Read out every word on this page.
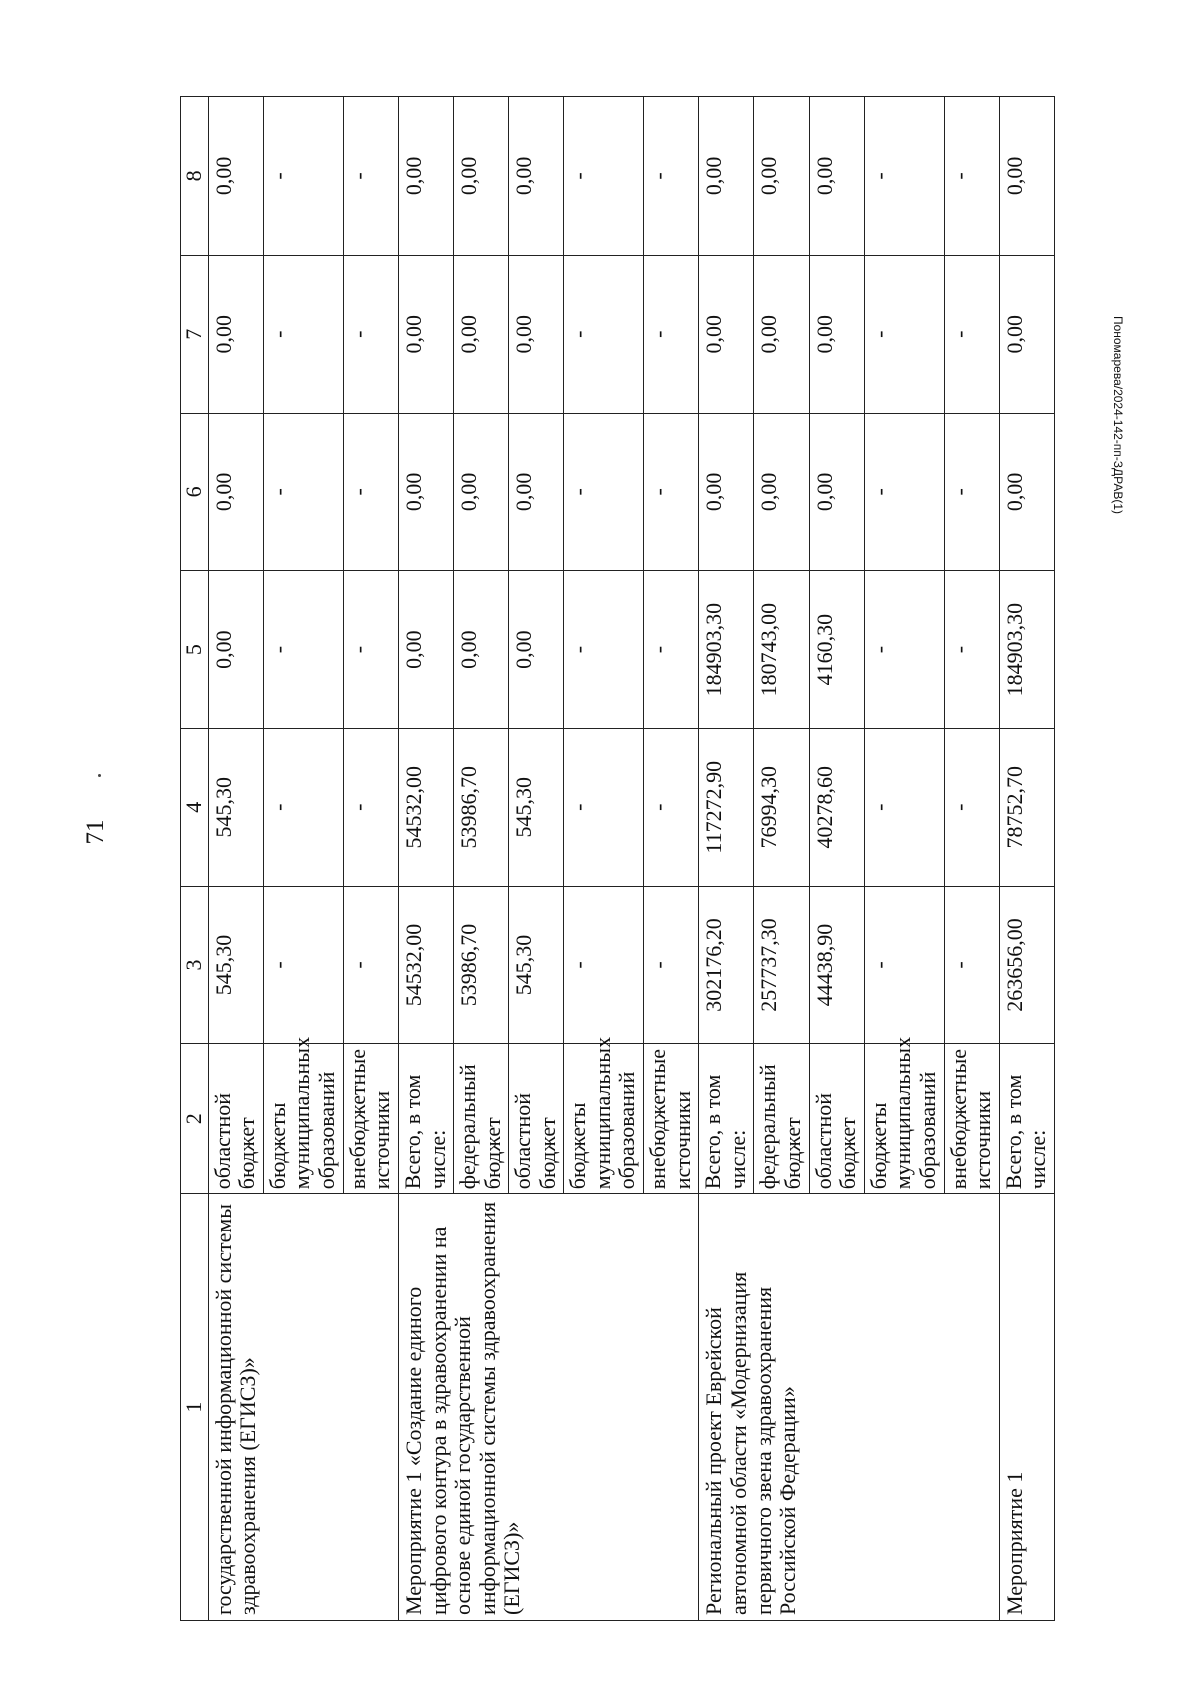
71
Пономарева/2024-142-пп-ЗДРАВ(1)
1	2	3	4	5	6	7	8
государственной информационной системы здравоохранения (ЕГИСЗ)»	областной бюджет	545,30	545,30	0,00	0,00	0,00	0,00
	бюджеты муниципальных образований	-	-	-	-	-	-
	внебюджетные источники	-	-	-	-	-	-
Мероприятие 1 «Создание единого цифрового контура в здравоохранении на основе единой государственной информационной системы здравоохранения (ЕГИСЗ)»	Всего, в том числе:	54532,00	54532,00	0,00	0,00	0,00	0,00
	федеральный бюджет	53986,70	53986,70	0,00	0,00	0,00	0,00
	областной бюджет	545,30	545,30	0,00	0,00	0,00	0,00
	бюджеты муниципальных образований	-	-	-	-	-	-
	внебюджетные источники	-	-	-	-	-	-
Региональный проект Еврейской автономной области «Модернизация первичного звена здравоохранения Российской Федерации»	Всего, в том числе:	302176,20	117272,90	184903,30	0,00	0,00	0,00
	федеральный бюджет	257737,30	76994,30	180743,00	0,00	0,00	0,00
	областной бюджет	44438,90	40278,60	4160,30	0,00	0,00	0,00
	бюджеты муниципальных образований	-	-	-	-	-	-
	внебюджетные источники	-	-	-	-	-	-
Мероприятие 1	Всего, в том числе:	263656,00	78752,70	184903,30	0,00	0,00	0,00
